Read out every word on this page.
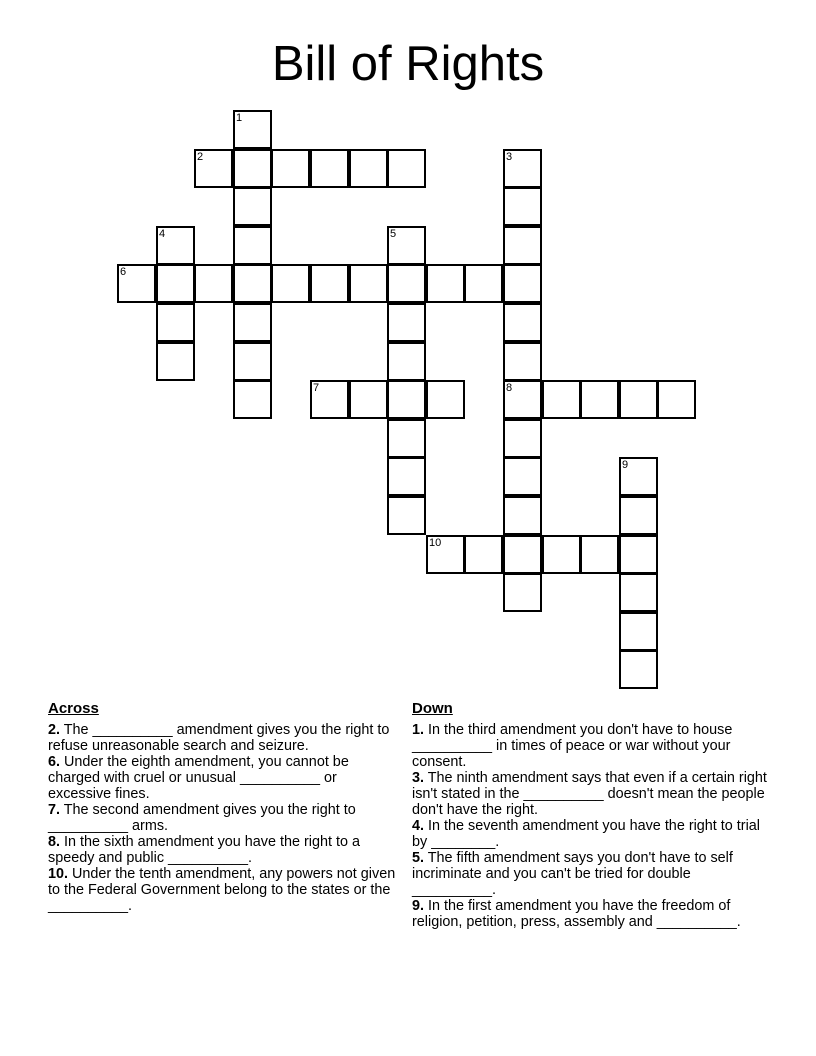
Bill of Rights
1
2	3
4	5
6
7	8
9
10
Across

2. The __________ amendment gives you the right to refuse unreasonable search and seizure.

6. Under the eighth amendment, you cannot be charged with cruel or unusual __________ or excessive fines.

7. The second amendment gives you the right to __________ arms.

8. In the sixth amendment you have the right to a speedy and public __________.

10. Under the tenth amendment, any powers not given to the Federal Government belong to the states or the __________.

Down

1. In the third amendment you don't have to house __________ in times of peace or war without your consent.

3. The ninth amendment says that even if a certain right isn't stated in the __________ doesn't mean the people don't have the right.

4. In the seventh amendment you have the right to trial by ________.

5. The fifth amendment says you don't have to self incriminate and you can't be tried for double __________.

9. In the first amendment you have the freedom of religion, petition, press, assembly and __________.
